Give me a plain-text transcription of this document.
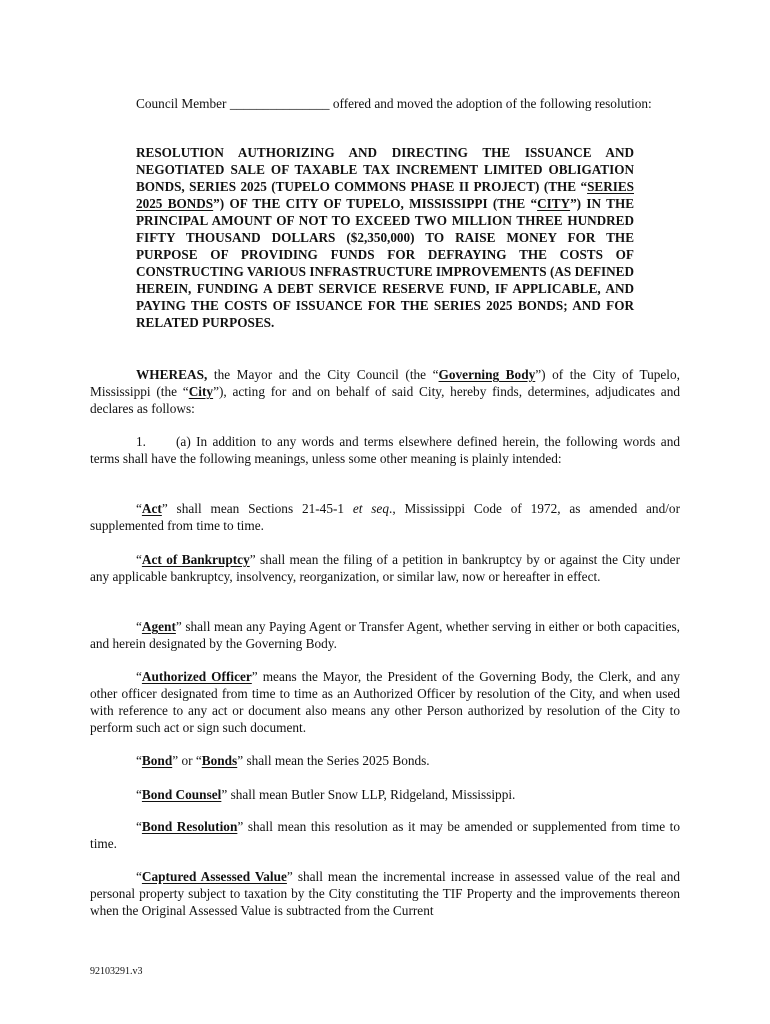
Council Member _______________ offered and moved the adoption of the following resolution:

RESOLUTION AUTHORIZING AND DIRECTING THE ISSUANCE AND NEGOTIATED SALE OF TAXABLE TAX INCREMENT LIMITED OBLIGATION BONDS, SERIES 2025 (TUPELO COMMONS PHASE II PROJECT) (THE “SERIES 2025 BONDS”) OF THE CITY OF TUPELO, MISSISSIPPI (THE “CITY”) IN THE PRINCIPAL AMOUNT OF NOT TO EXCEED TWO MILLION THREE HUNDRED FIFTY THOUSAND DOLLARS ($2,350,000) TO RAISE MONEY FOR THE PURPOSE OF PROVIDING FUNDS FOR DEFRAYING THE COSTS OF CONSTRUCTING VARIOUS INFRASTRUCTURE IMPROVEMENTS (AS DEFINED HEREIN, FUNDING A DEBT SERVICE RESERVE FUND, IF APPLICABLE, AND PAYING THE COSTS OF ISSUANCE FOR THE SERIES 2025 BONDS; AND FOR RELATED PURPOSES.

WHEREAS, the Mayor and the City Council (the “Governing Body”) of the City of Tupelo, Mississippi (the “City”), acting for and on behalf of said City, hereby finds, determines, adjudicates and declares as follows:

1. (a) In addition to any words and terms elsewhere defined herein, the following words and terms shall have the following meanings, unless some other meaning is plainly intended:

“Act” shall mean Sections 21-45-1 et seq., Mississippi Code of 1972, as amended and/or supplemented from time to time.

“Act of Bankruptcy” shall mean the filing of a petition in bankruptcy by or against the City under any applicable bankruptcy, insolvency, reorganization, or similar law, now or hereafter in effect.

“Agent” shall mean any Paying Agent or Transfer Agent, whether serving in either or both capacities, and herein designated by the Governing Body.

“Authorized Officer” means the Mayor, the President of the Governing Body, the Clerk, and any other officer designated from time to time as an Authorized Officer by resolution of the City, and when used with reference to any act or document also means any other Person authorized by resolution of the City to perform such act or sign such document.

“Bond” or “Bonds” shall mean the Series 2025 Bonds.

“Bond Counsel” shall mean Butler Snow LLP, Ridgeland, Mississippi.

“Bond Resolution” shall mean this resolution as it may be amended or supplemented from time to time.

“Captured Assessed Value” shall mean the incremental increase in assessed value of the real and personal property subject to taxation by the City constituting the TIF Property and the improvements thereon when the Original Assessed Value is subtracted from the Current

92103291.v3
